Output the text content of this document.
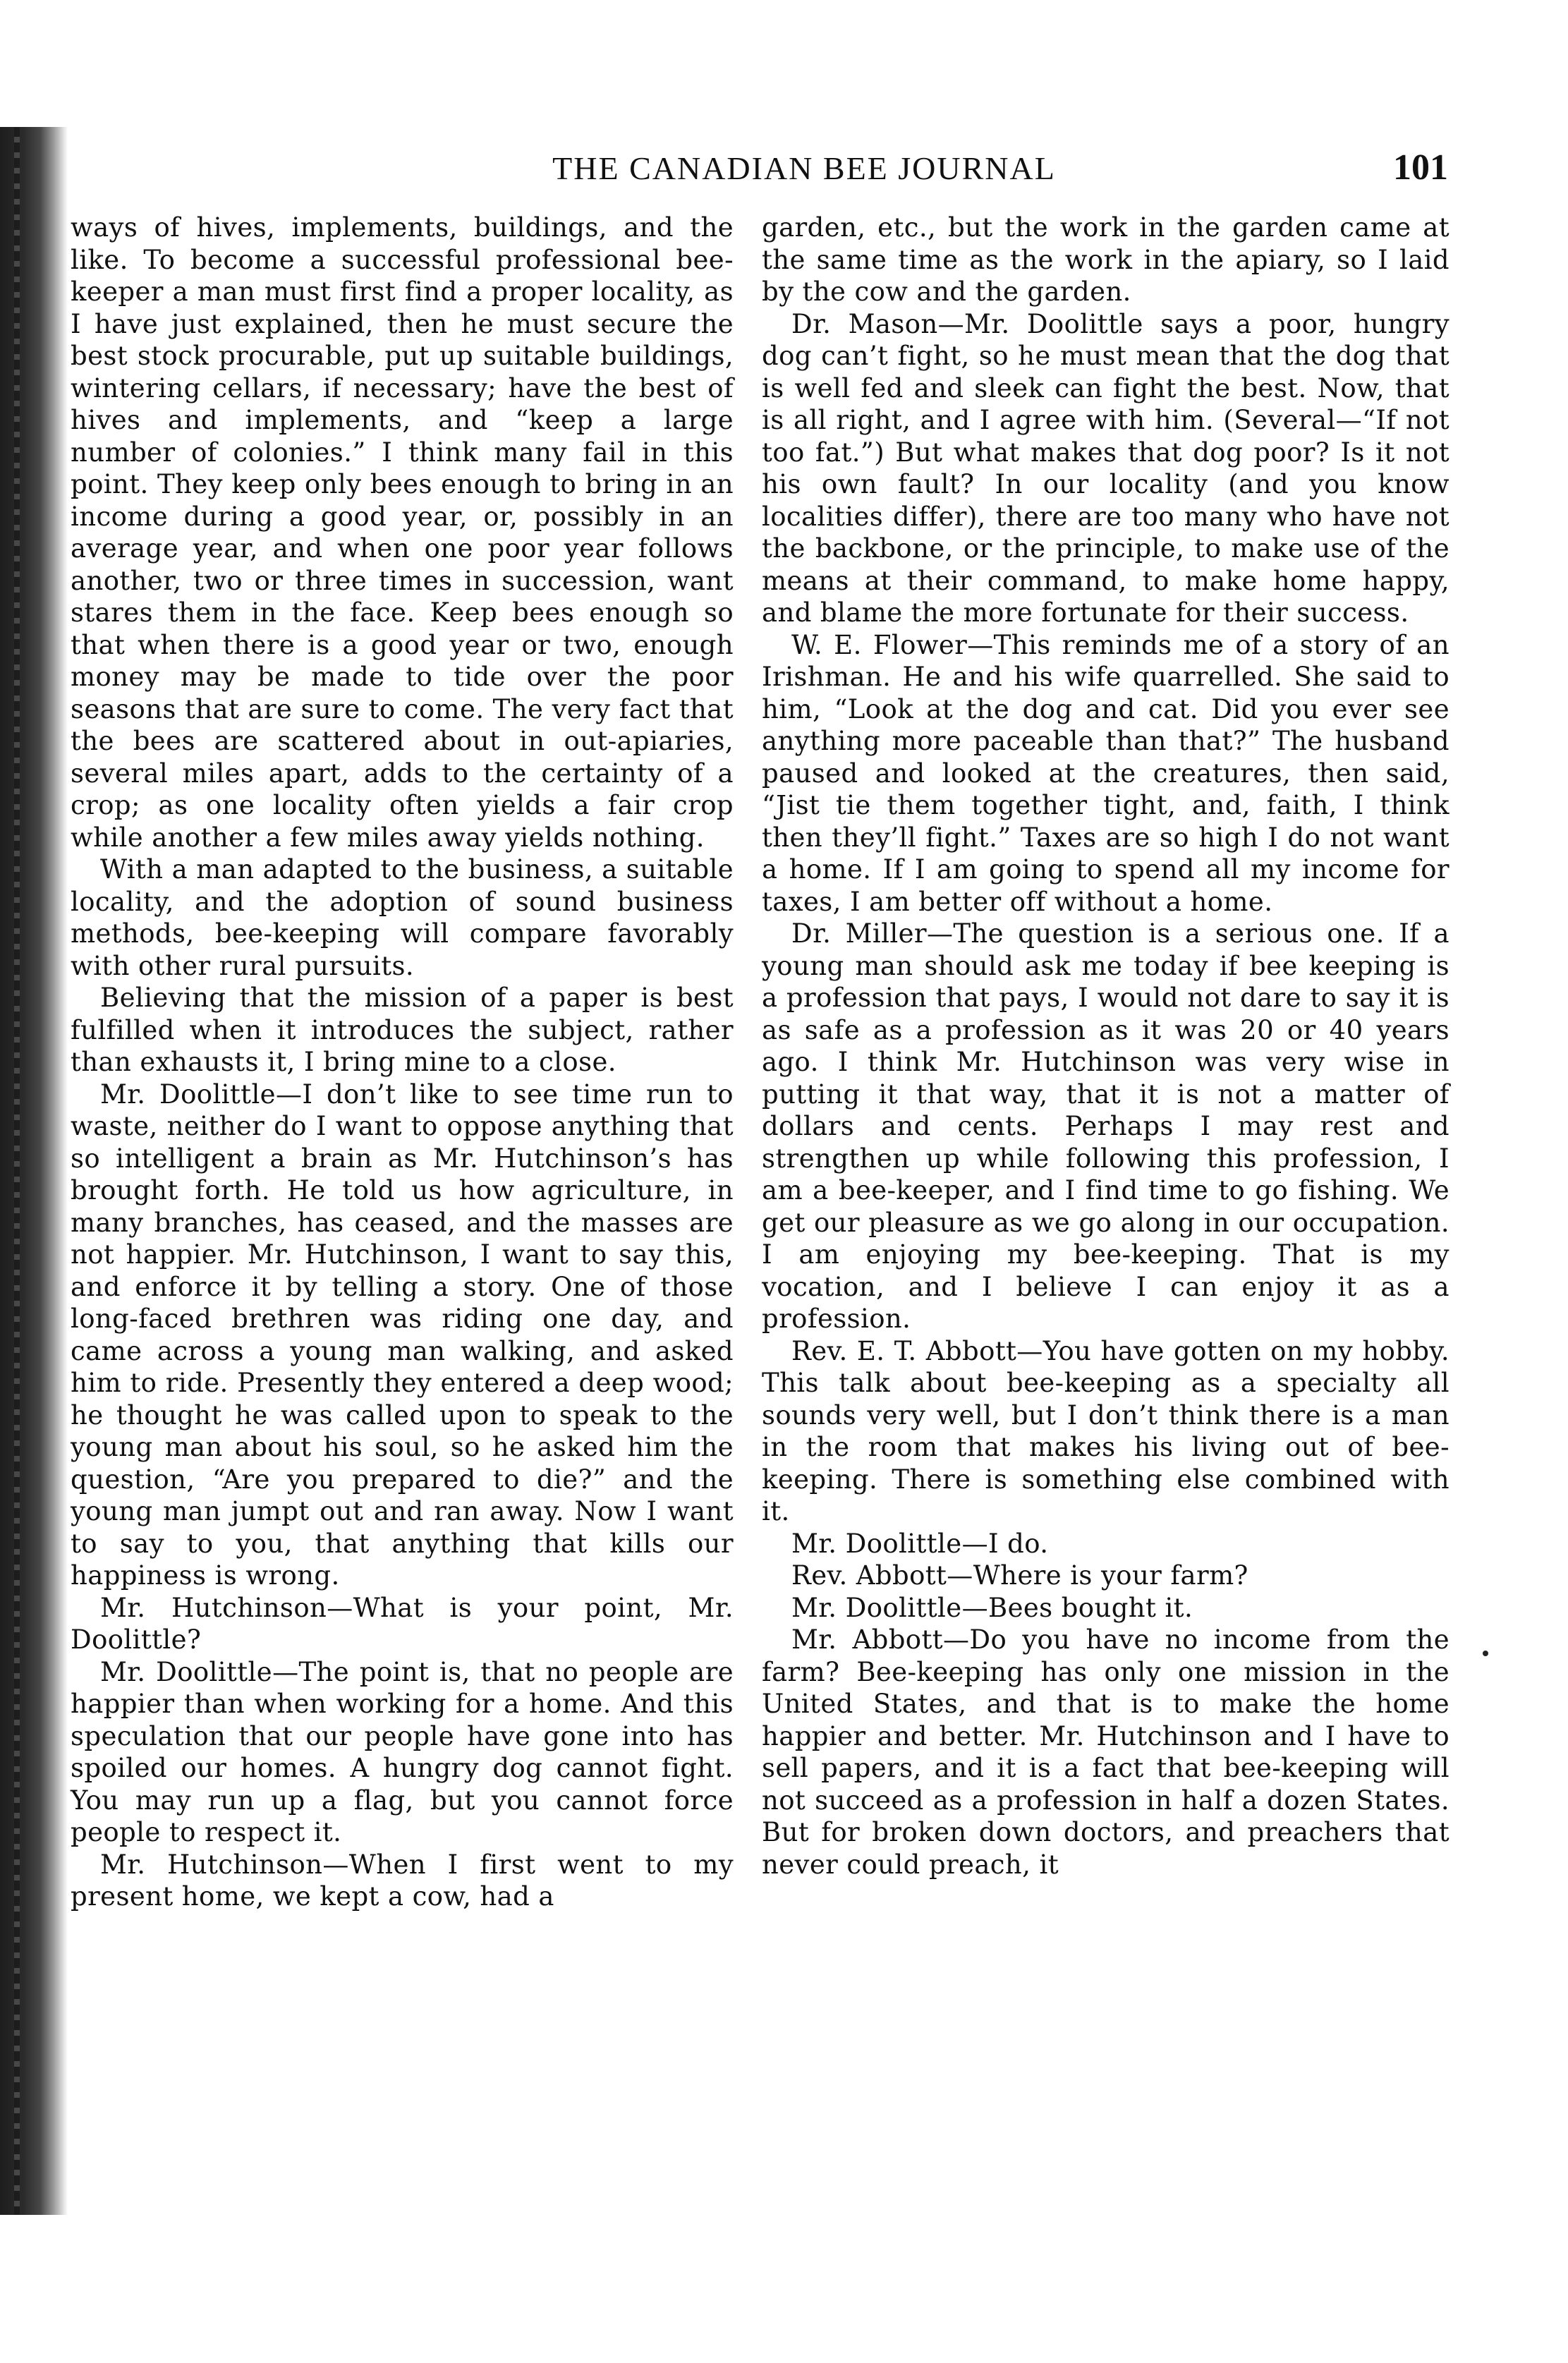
THE CANADIAN BEE JOURNAL	101

ways of hives, implements, buildings, and the like. To become a successful professional bee-keeper a man must first find a proper locality, as I have just explained, then he must secure the best stock procurable, put up suitable buildings, wintering cellars, if necessary; have the best of hives and implements, and “keep a large number of colonies.” I think many fail in this point. They keep only bees enough to bring in an income during a good year, or, possibly in an average year, and when one poor year follows another, two or three times in succession, want stares them in the face. Keep bees enough so that when there is a good year or two, enough money may be made to tide over the poor seasons that are sure to come. The very fact that the bees are scattered about in out-apiaries, several miles apart, adds to the certainty of a crop; as one locality often yields a fair crop while another a few miles away yields nothing.

With a man adapted to the business, a suitable locality, and the adoption of sound business methods, bee-keeping will compare favorably with other rural pursuits.

Believing that the mission of a paper is best fulfilled when it introduces the subject, rather than exhausts it, I bring mine to a close.

Mr. Doolittle—I don’t like to see time run to waste, neither do I want to oppose anything that so intelligent a brain as Mr. Hutchinson’s has brought forth. He told us how agriculture, in many branches, has ceased, and the masses are not happier. Mr. Hutchinson, I want to say this, and enforce it by telling a story. One of those long-faced brethren was riding one day, and came across a young man walking, and asked him to ride. Presently they entered a deep wood; he thought he was called upon to speak to the young man about his soul, so he asked him the question, “Are you prepared to die?” and the young man jumpt out and ran away. Now I want to say to you, that anything that kills our happiness is wrong.

Mr. Hutchinson—What is your point, Mr. Doolittle?

Mr. Doolittle—The point is, that no people are happier than when working for a home. And this speculation that our people have gone into has spoiled our homes. A hungry dog cannot fight. You may run up a flag, but you cannot force people to respect it.

Mr. Hutchinson—When I first went to my present home, we kept a cow, had a

garden, etc., but the work in the garden came at the same time as the work in the apiary, so I laid by the cow and the garden.

Dr. Mason—Mr. Doolittle says a poor, hungry dog can’t fight, so he must mean that the dog that is well fed and sleek can fight the best. Now, that is all right, and I agree with him. (Several—“If not too fat.”) But what makes that dog poor? Is it not his own fault? In our locality (and you know localities differ), there are too many who have not the backbone, or the principle, to make use of the means at their command, to make home happy, and blame the more fortunate for their success.

W. E. Flower—This reminds me of a story of an Irishman. He and his wife quarrelled. She said to him, “Look at the dog and cat. Did you ever see anything more paceable than that?” The husband paused and looked at the creatures, then said, “Jist tie them together tight, and, faith, I think then they’ll fight.” Taxes are so high I do not want a home. If I am going to spend all my income for taxes, I am better off without a home.

Dr. Miller—The question is a serious one. If a young man should ask me today if bee keeping is a profession that pays, I would not dare to say it is as safe as a profession as it was 20 or 40 years ago. I think Mr. Hutchinson was very wise in putting it that way, that it is not a matter of dollars and cents. Perhaps I may rest and strengthen up while following this profession, I am a bee-keeper, and I find time to go fishing. We get our pleasure as we go along in our occupation. I am enjoying my bee-keeping. That is my vocation, and I believe I can enjoy it as a profession.

Rev. E. T. Abbott—You have gotten on my hobby. This talk about bee-keeping as a specialty all sounds very well, but I don’t think there is a man in the room that makes his living out of bee-keeping. There is something else combined with it.

Mr. Doolittle—I do.

Rev. Abbott—Where is your farm?

Mr. Doolittle—Bees bought it.

Mr. Abbott—Do you have no income from the farm? Bee-keeping has only one mission in the United States, and that is to make the home happier and better. Mr. Hutchinson and I have to sell papers, and it is a fact that bee-keeping will not succeed as a profession in half a dozen States. But for broken down doctors, and preachers that never could preach, it
